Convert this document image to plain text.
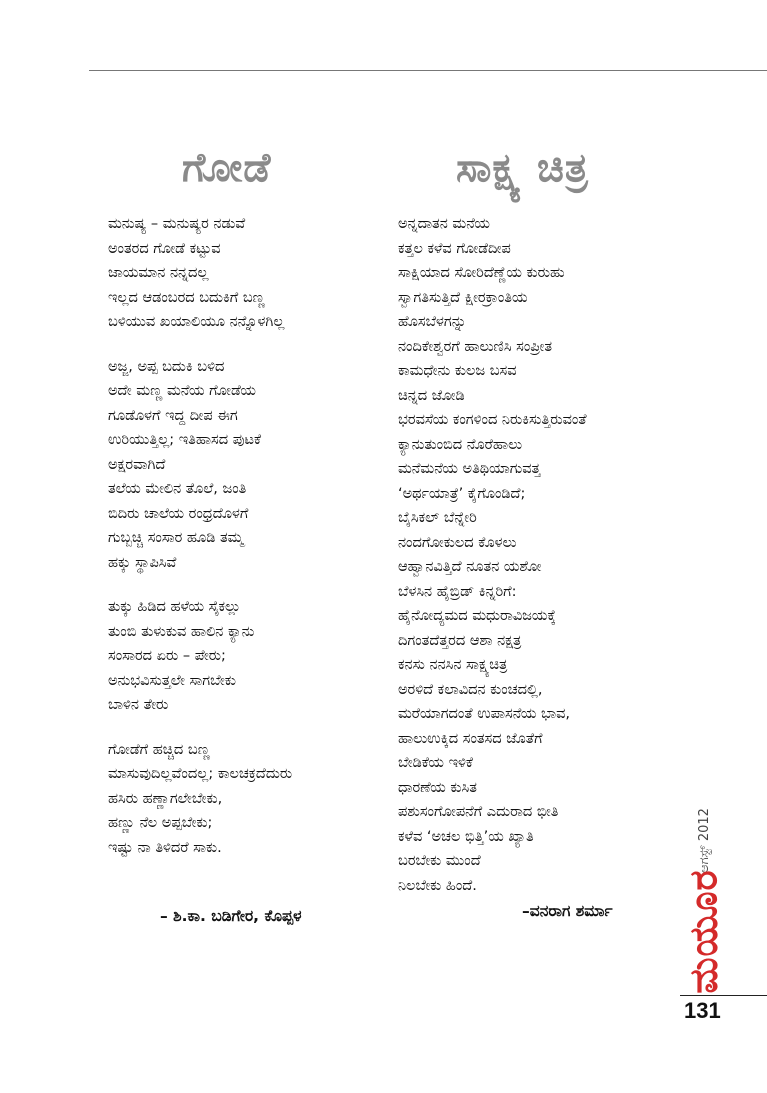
ಗೋಡೆ
ಮನುಷ್ಯ – ಮನುಷ್ಯರ ನಡುವೆ
ಅಂತರದ ಗೋಡೆ ಕಟ್ಟುವ
ಜಾಯಮಾನ ನನ್ನದಲ್ಲ
ಇಲ್ಲದ ಆಡಂಬರದ ಬದುಕಿಗೆ ಬಣ್ಣ
ಬಳಿಯುವ ಖಯಾಲಿಯೂ ನನ್ನೊಳಗಿಲ್ಲ
ಅಜ್ಜ, ಅಪ್ಪ ಬದುಕಿ ಬಳಿದ
ಅದೇ ಮಣ್ಣ ಮನೆಯ ಗೋಡೆಯ
ಗೂಡೊಳಗೆ ಇದ್ದ ದೀಪ ಈಗ
ಉರಿಯುತ್ತಿಲ್ಲ; ಇತಿಹಾಸದ ಪುಟಕೆ
ಅಕ್ಷರವಾಗಿದೆ
ತಲೆಯ ಮೇಲಿನ ತೊಲೆ, ಜಂತಿ
ಬಿದಿರು ಚಾಲೆಯ ರಂಧ್ರದೊಳಗೆ
ಗುಬ್ಬಚ್ಚಿ ಸಂಸಾರ ಹೂಡಿ ತಮ್ಮ
ಹಕ್ಕು ಸ್ಥಾಪಿಸಿವೆ
ತುಕ್ಕು ಹಿಡಿದ ಹಳೆಯ ಸೈಕಲ್ಲು
ತುಂಬಿ ತುಳುಕುವ ಹಾಲಿನ ಕ್ಯಾನು
ಸಂಸಾರದ ಏರು – ಪೇರು;
ಅನುಭವಿಸುತ್ತಲೇ ಸಾಗಬೇಕು
ಬಾಳಿನ ತೇರು
ಗೋಡೆಗೆ ಹಚ್ಚಿದ ಬಣ್ಣ
ಮಾಸುವುದಿಲ್ಲವೆಂದಲ್ಲ; ಕಾಲಚಕ್ರದೆದುರು
ಹಸಿರು ಹಣ್ಣಾಗಲೇಬೇಕು,
ಹಣ್ಣು ನೆಲ ಅಪ್ಪಬೇಕು;
ಇಷ್ಟು ನಾ ತಿಳಿದರೆ ಸಾಕು.
– ಶಿ.ಕಾ. ಬಡಿಗೇರ, ಕೊಪ್ಪಳ
ಸಾಕ್ಷ್ಯ ಚಿತ್ರ
ಅನ್ನದಾತನ ಮನೆಯ
ಕತ್ತಲ ಕಳೆವ ಗೋಡೆದೀಪ
ಸಾಕ್ಷಿಯಾದ ಸೋರಿದೆಣ್ಣೆಯ ಕುರುಹು
ಸ್ವಾಗತಿಸುತ್ತಿದೆ ಕ್ಷೀರಕ್ರಾಂತಿಯ
ಹೊಸಬೆಳಗನ್ನು
ನಂದಿಕೇಶ್ವರಗೆ ಹಾಲುಣಿಸಿ ಸಂಪ್ರೀತ
ಕಾಮಧೇನು ಕುಲಜ ಬಸವ
ಚಿನ್ನದ ಜೋಡಿ
ಭರವಸೆಯ ಕಂಗಳಿಂದ ನಿರುಕಿಸುತ್ತಿರುವಂತೆ
ಕ್ಯಾನುತುಂಬಿದ ನೊರೆಹಾಲು
ಮನೆಮನೆಯ ಅತಿಥಿಯಾಗುವತ್ತ
‘ಅರ್ಥಯಾತ್ರೆ’ ಕೈಗೊಂಡಿದೆ;
ಬೈಸಿಕಲ್ ಬೆನ್ನೇರಿ
ನಂದಗೋಕುಲದ ಕೊಳಲು
ಆಹ್ವಾನವಿತ್ತಿದೆ ನೂತನ ಯಶೋ
ಬೆಳಸಿನ ಹೈಬ್ರಿಡ್ ಕಿನ್ನರಿಗೆ:
ಹೈನೋದ್ಯಮದ ಮಧುರಾವಿಜಯಕ್ಕೆ
ದಿಗಂತದೆತ್ತರದ ಆಶಾ ನಕ್ಷತ್ರ
ಕನಸು ನನಸಿನ ಸಾಕ್ಷ್ಯಚಿತ್ರ
ಅರಳಿದೆ ಕಲಾವಿದನ ಕುಂಚದಲ್ಲಿ,
ಮರೆಯಾಗದಂತೆ ಉಪಾಸನೆಯ ಭಾವ,
ಹಾಲುಉಕ್ಕಿದ ಸಂತಸದ ಜೊತೆಗೆ
ಬೇಡಿಕೆಯ ಇಳಿಕೆ
ಧಾರಣೆಯ ಕುಸಿತ
ಪಶುಸಂಗೋಪನೆಗೆ ಎದುರಾದ ಭೀತಿ
ಕಳೆವ ‘ಅಚಲ ಭಿತ್ತಿ’ಯ ಖ್ಯಾತಿ
ಬರಬೇಕು ಮುಂದೆ
ನಿಲಬೇಕು ಹಿಂದೆ.
–ವನರಾಗ ಶರ್ಮಾ
ಆಗಸ್ಟ್ 2012
ಮಯೂರ
131
